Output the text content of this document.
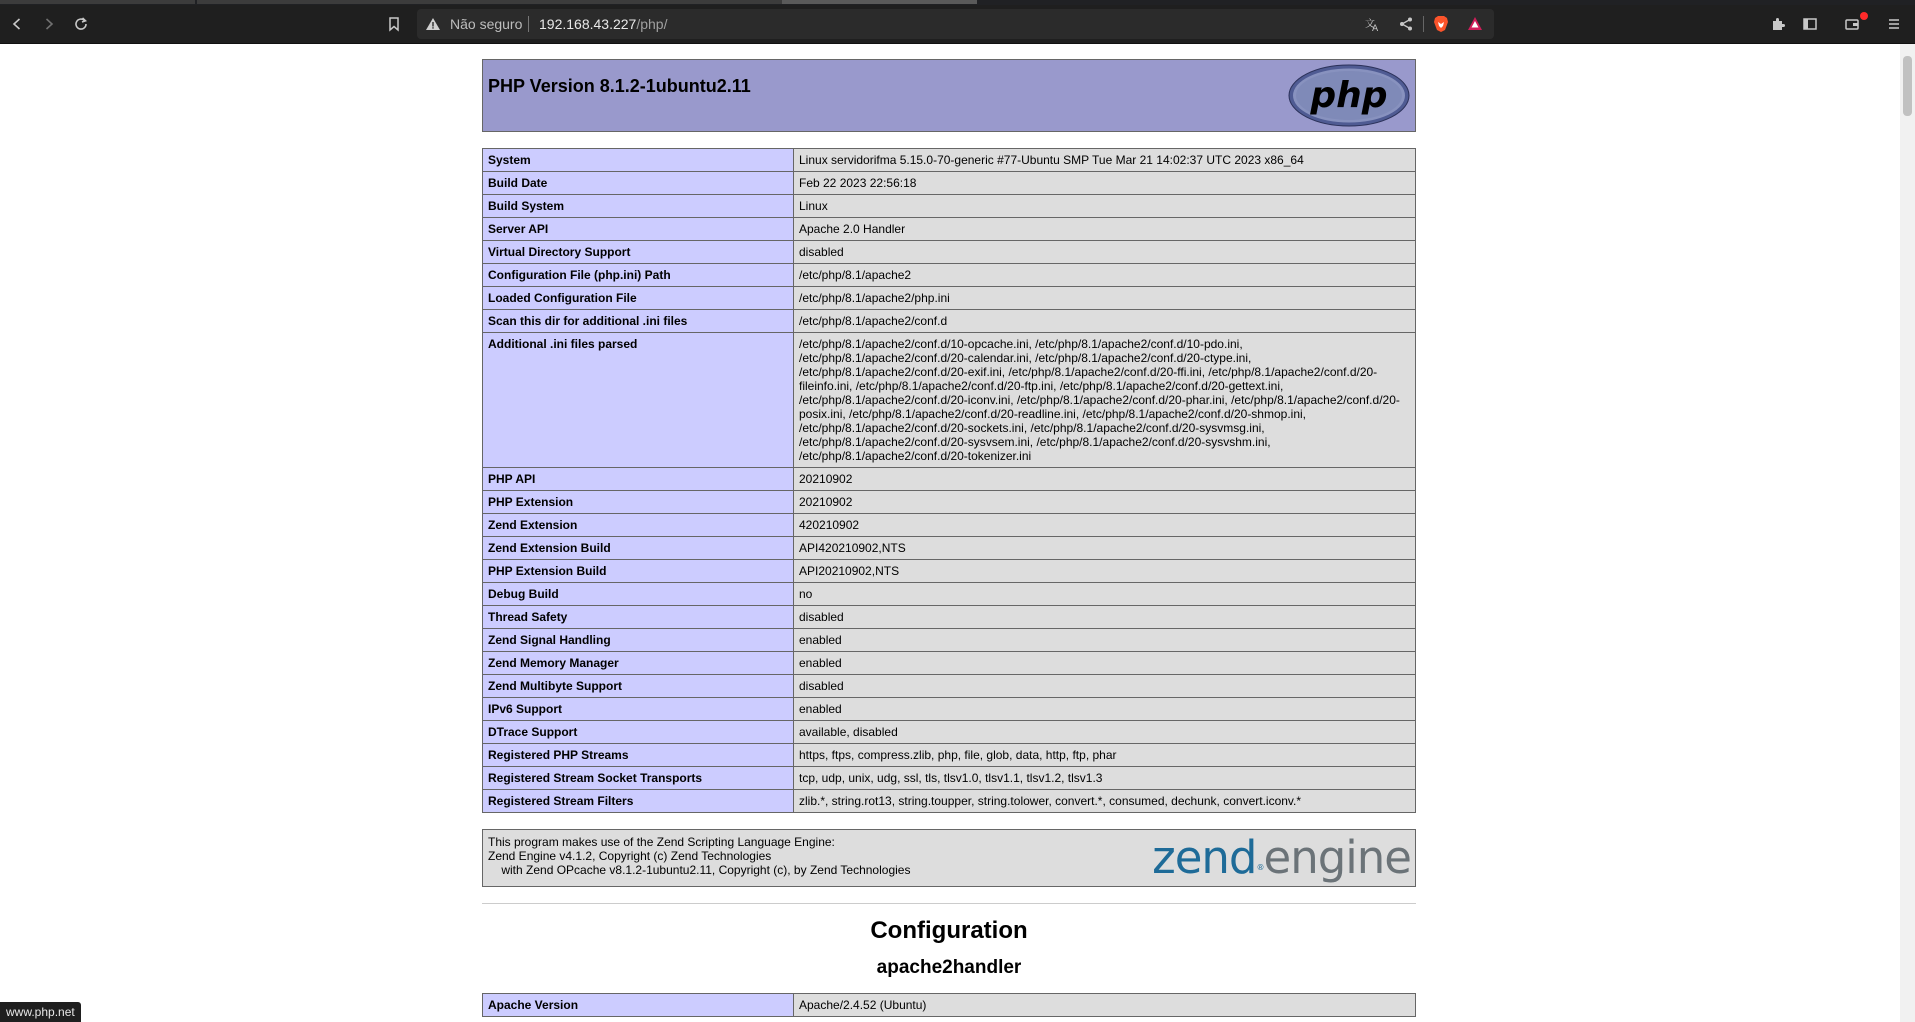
Não seguro 192.168.43.227/php/	文
A
PHP Version 8.1.2-1ubuntu2.11	php
System	Linux servidorifma 5.15.0-70-generic #77-Ubuntu SMP Tue Mar 21 14:02:37 UTC 2023 x86_64
Build Date	Feb 22 2023 22:56:18
Build System	Linux
Server API	Apache 2.0 Handler
Virtual Directory Support	disabled
Configuration File (php.ini) Path	/etc/php/8.1/apache2
Loaded Configuration File	/etc/php/8.1/apache2/php.ini
Scan this dir for additional .ini files	/etc/php/8.1/apache2/conf.d
Additional .ini files parsed	/etc/php/8.1/apache2/conf.d/10-opcache.ini, /etc/php/8.1/apache2/conf.d/10-pdo.ini, /etc/php/8.1/apache2/conf.d/20-calendar.ini, /etc/php/8.1/apache2/conf.d/20-ctype.ini, /etc/php/8.1/apache2/conf.d/20-exif.ini, /etc/php/8.1/apache2/conf.d/20-ffi.ini, /etc/php/8.1/apache2/conf.d/20-fileinfo.ini, /etc/php/8.1/apache2/conf.d/20-ftp.ini, /etc/php/8.1/apache2/conf.d/20-gettext.ini, /etc/php/8.1/apache2/conf.d/20-iconv.ini, /etc/php/8.1/apache2/conf.d/20-phar.ini, /etc/php/8.1/apache2/conf.d/20-posix.ini, /etc/php/8.1/apache2/conf.d/20-readline.ini, /etc/php/8.1/apache2/conf.d/20-shmop.ini, /etc/php/8.1/apache2/conf.d/20-sockets.ini, /etc/php/8.1/apache2/conf.d/20-sysvmsg.ini, /etc/php/8.1/apache2/conf.d/20-sysvsem.ini, /etc/php/8.1/apache2/conf.d/20-sysvshm.ini, /etc/php/8.1/apache2/conf.d/20-tokenizer.ini
PHP API	20210902
PHP Extension	20210902
Zend Extension	420210902
Zend Extension Build	API420210902,NTS
PHP Extension Build	API20210902,NTS
Debug Build	no
Thread Safety	disabled
Zend Signal Handling	enabled
Zend Memory Manager	enabled
Zend Multibyte Support	disabled
IPv6 Support	enabled
DTrace Support	available, disabled
Registered PHP Streams	https, ftps, compress.zlib, php, file, glob, data, http, ftp, phar
Registered Stream Socket Transports	tcp, udp, unix, udg, ssl, tls, tlsv1.0, tlsv1.1, tlsv1.2, tlsv1.3
Registered Stream Filters	zlib.*, string.rot13, string.toupper, string.tolower, convert.*, consumed, dechunk, convert.iconv.*
This program makes use of the Zend Scripting Language Engine:
Zend Engine v4.1.2, Copyright (c) Zend Technologies
with Zend OPcache v8.1.2-1ubuntu2.11, Copyright (c), by Zend Technologies	zend®engine
Configuration
apache2handler
Apache Version	Apache/2.4.52 (Ubuntu)
www.php.net
